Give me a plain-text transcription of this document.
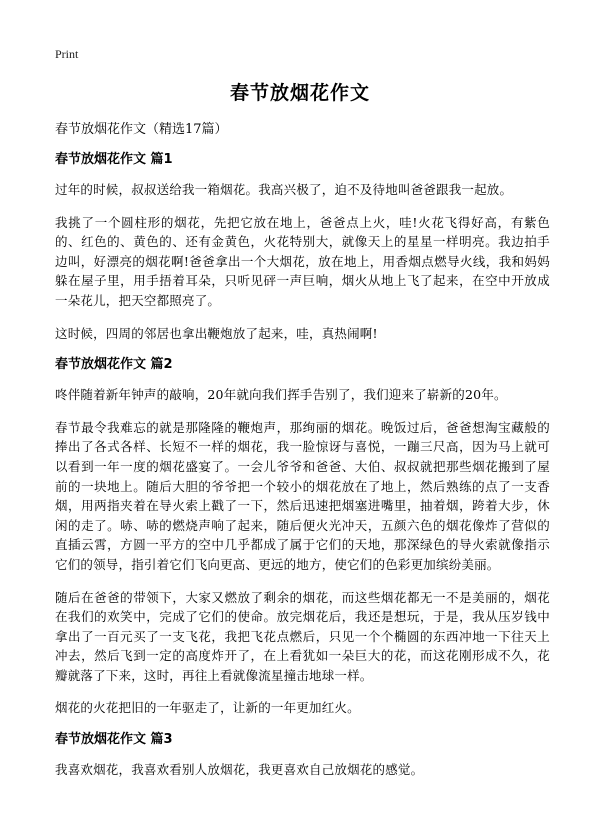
Print
春节放烟花作文
春节放烟花作文（精选17篇）
春节放烟花作文 篇1

过年的时候，叔叔送给我一箱烟花。我高兴极了，迫不及待地叫爸爸跟我一起放。

我挑了一个圆柱形的烟花，先把它放在地上，爸爸点上火，哇!火花飞得好高，有紫色的、红色的、黄色的、还有金黄色，火花特别大，就像天上的星星一样明亮。我边拍手边叫，好漂亮的烟花啊!爸爸拿出一个大烟花，放在地上，用香烟点燃导火线，我和妈妈躲在屋子里，用手捂着耳朵，只听见砰一声巨响，烟火从地上飞了起来，在空中开放成一朵花儿，把天空都照亮了。

这时候，四周的邻居也拿出鞭炮放了起来，哇，真热闹啊!

春节放烟花作文 篇2

咚伴随着新年钟声的敲响，20年就向我们挥手告别了，我们迎来了崭新的20年。

春节最令我难忘的就是那隆隆的鞭炮声，那绚丽的烟花。晚饭过后，爸爸想淘宝藏般的捧出了各式各样、长短不一样的烟花，我一脸惊讶与喜悦，一蹦三尺高，因为马上就可以看到一年一度的烟花盛宴了。一会儿爷爷和爸爸、大伯、叔叔就把那些烟花搬到了屋前的一块地上。随后大胆的爷爷把一个较小的烟花放在了地上，然后熟练的点了一支香烟，用两指夹着在导火索上戳了一下，然后迅速把烟塞进嘴里，抽着烟，跨着大步，休闲的走了。哧、哧的燃烧声响了起来，随后便火光冲天，五颜六色的烟花像炸了营似的直插云霄，方圆一平方的空中几乎都成了属于它们的天地，那深绿色的导火索就像指示它们的领导，指引着它们飞向更高、更远的地方，使它们的色彩更加缤纷美丽。

随后在爸爸的带领下，大家又燃放了剩余的烟花，而这些烟花都无一不是美丽的，烟花在我们的欢笑中，完成了它们的使命。放完烟花后，我还是想玩，于是，我从压岁钱中拿出了一百元买了一支飞花，我把飞花点燃后，只见一个个椭圆的东西冲地一下往天上冲去，然后飞到一定的高度炸开了，在上看犹如一朵巨大的花，而这花刚形成不久，花瓣就落了下来，这时，再往上看就像流星撞击地球一样。

烟花的火花把旧的一年驱走了，让新的一年更加红火。

春节放烟花作文 篇3

我喜欢烟花，我喜欢看别人放烟花，我更喜欢自己放烟花的感觉。
